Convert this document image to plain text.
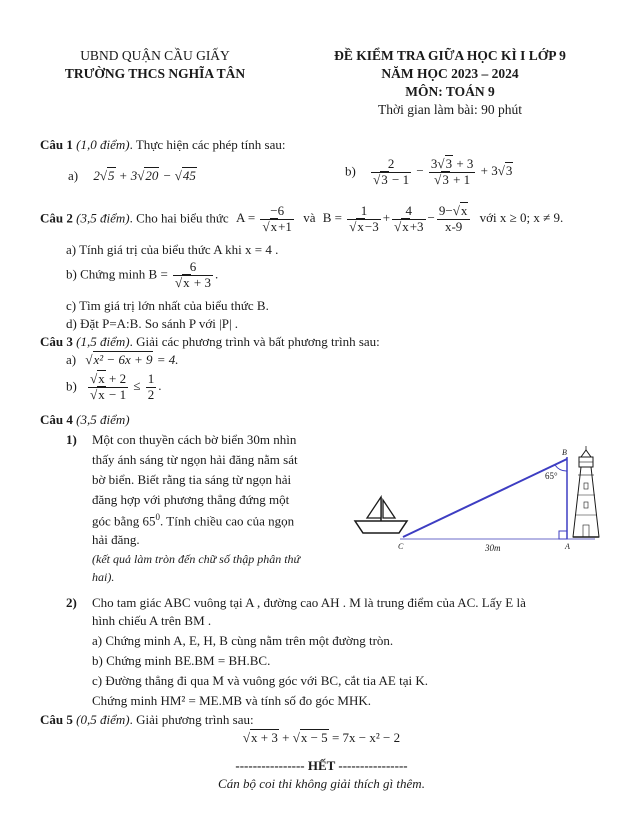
UBND QUẬN CẦU GIẤY
TRƯỜNG THCS NGHĨA TÂN
ĐỀ KIỂM TRA GIỮA HỌC KÌ I LỚP 9
NĂM HỌC 2023 – 2024
MÔN: TOÁN 9
Thời gian làm bài: 90 phút
Câu 1 (1,0 điểm). Thực hiện các phép tính sau:
a) 2√5 + 3√20 − √45	$b) \frac{2}{√3 - 1} - \frac{3√3 + 3}{√3 + 1} + 3√3$
Câu 2 (3,5 điểm). Cho hai biểu thức $A = \frac{-6}{√x+1}$ và $B = \frac{1}{√x-3} + \frac{4}{√x+3} - \frac{9-√x}{x-9}$ với x ≥ 0; x ≠ 9.
a) Tính giá trị của biểu thức A khi x = 4 .
b) Chứng minh $B = \frac{6}{√x + 3}$ .
c) Tìm giá trị lớn nhất của biểu thức B.
d) Đặt P=A:B. So sánh P với |P| .
Câu 3 (1,5 điểm). Giải các phương trình và bất phương trình sau:
a) √x² − 6x + 9 = 4.
$b) \frac{√x + 2}{√x - 1} \le \frac{1}{2}$ .
Câu 4 (3,5 điểm)
1) Một con thuyền cách bờ biển 30m nhìn
thấy ánh sáng từ ngọn hải đăng nằm sát
bờ biển. Biết rằng tia sáng từ ngọn hải
đăng hợp với phương thẳng đứng một
góc bằng $65^0$. Tính chiều cao của ngọn
hải đăng.
(kết quả làm tròn đến chữ số thập phân thứ
hai).
65°
B
C	A
30m
2) Cho tam giác ABC vuông tại A , đường cao AH . M là trung điểm của AC. Lấy E là
hình chiếu A trên BM .
a) Chứng minh A, E, H, B cùng nằm trên một đường tròn.
b) Chứng minh BE.BM = BH.BC.
c) Đường thẳng đi qua M và vuông góc với BC, cắt tia AE tại K.
Chứng minh HM² = ME.MB và tính số đo góc MHK.
Câu 5 (0,5 điểm). Giải phương trình sau:
√x + 3 + √x − 5 = 7x − x² − 2
---------------- HẾT ----------------
Cán bộ coi thi không giải thích gì thêm.
